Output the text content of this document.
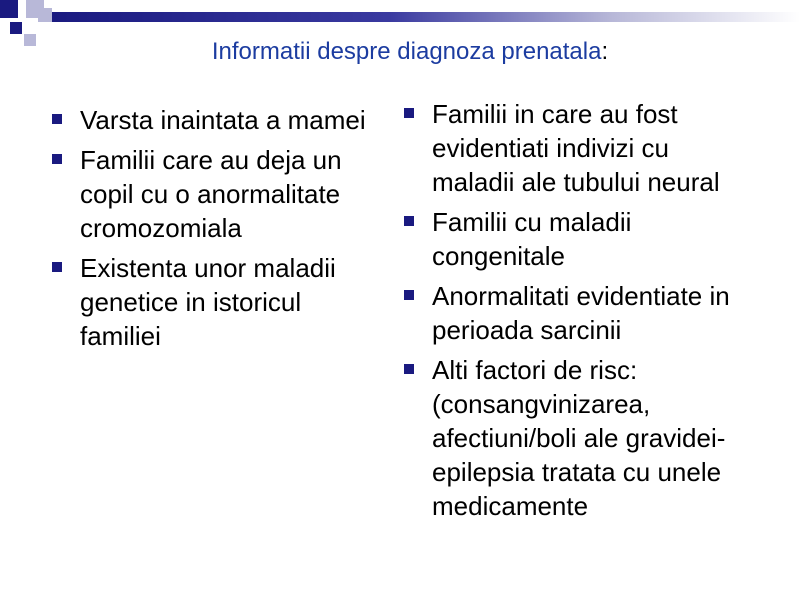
Informatii despre diagnoza prenatala:
Varsta inaintata a mamei
Familii care au deja un copil cu o anormalitate cromozomiala
Existenta unor maladii genetice in istoricul familiei
Familii in care au fost evidentiati indivizi cu maladii ale tubului neural
Familii cu maladii congenitale
Anormalitati evidentiate in perioada sarcinii
Alti factori de risc: (consangvinizarea, afectiuni/boli ale gravidei- epilepsia tratata cu unele medicamente
